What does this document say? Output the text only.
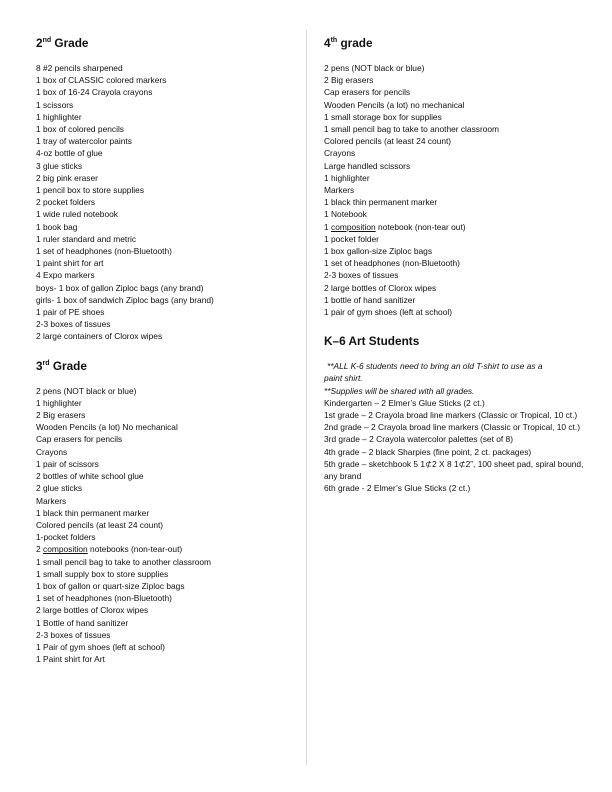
2nd Grade
8 #2 pencils sharpened
1 box of CLASSIC colored markers
1 box of 16-24 Crayola crayons
1 scissors
1 highlighter
1 box of colored pencils
1 tray of watercolor paints
4-oz bottle of glue
3 glue sticks
2 big pink eraser
1 pencil box to store supplies
2 pocket folders
1 wide ruled notebook
1 book bag
1 ruler standard and metric
1 set of headphones (non-Bluetooth)
1 paint shirt for art
4 Expo markers
boys- 1 box of gallon Ziploc bags (any brand)
girls- 1 box of sandwich Ziploc bags (any brand)
1 pair of PE shoes
2-3 boxes of tissues
2 large containers of Clorox wipes
3rd Grade
2 pens (NOT black or blue)
1 highlighter
2 Big erasers
Wooden Pencils (a lot) No mechanical
Cap erasers for pencils
Crayons
1 pair of scissors
2 bottles of white school glue
2 glue sticks
Markers
1 black thin permanent marker
Colored pencils (at least 24 count)
1-pocket folders
2 composition notebooks (non-tear-out)
1 small pencil bag to take to another classroom
1 small supply box to store supplies
1 box of gallon or quart-size Ziploc bags
1 set of headphones (non-Bluetooth)
2 large bottles of Clorox wipes
1 Bottle of hand sanitizer
2-3 boxes of tissues
1 Pair of gym shoes (left at school)
1 Paint shirt for Art
4th grade
2 pens (NOT black or blue)
2 Big erasers
Cap erasers for pencils
Wooden Pencils (a lot) no mechanical
1 small storage box for supplies
1 small pencil bag to take to another classroom
Colored pencils (at least 24 count)
Crayons
Large handled scissors
1 highlighter
Markers
1 black thin permanent marker
1 Notebook
1 composition notebook (non-tear out)
1 pocket folder
1 box gallon-size Ziploc bags
1 set of headphones (non-Bluetooth)
2-3 boxes of tissues
2 large bottles of Clorox wipes
1 bottle of hand sanitizer
1 pair of gym shoes (left at school)
K–6 Art Students

**ALL K-6 students need to bring an old T-shirt to use as a

paint shirt.

**Supplies will be shared with all grades.

Kindergarten – 2 Elmer’s Glue Sticks (2 ct.)
1st grade – 2 Crayola broad line markers (Classic or Tropical, 10 ct.)
2nd grade – 2 Crayola broad line markers (Classic or Tropical, 10 ct.)
3rd grade – 2 Crayola watercolor palettes (set of 8)
4th grade – 2 black Sharpies (fine point, 2 ct. packages)
5th grade – sketchbook 5 1⊄2 X 8 1⊄2”, 100 sheet pad, spiral bound, any brand
6th grade - 2 Elmer’s Glue Sticks (2 ct.)
